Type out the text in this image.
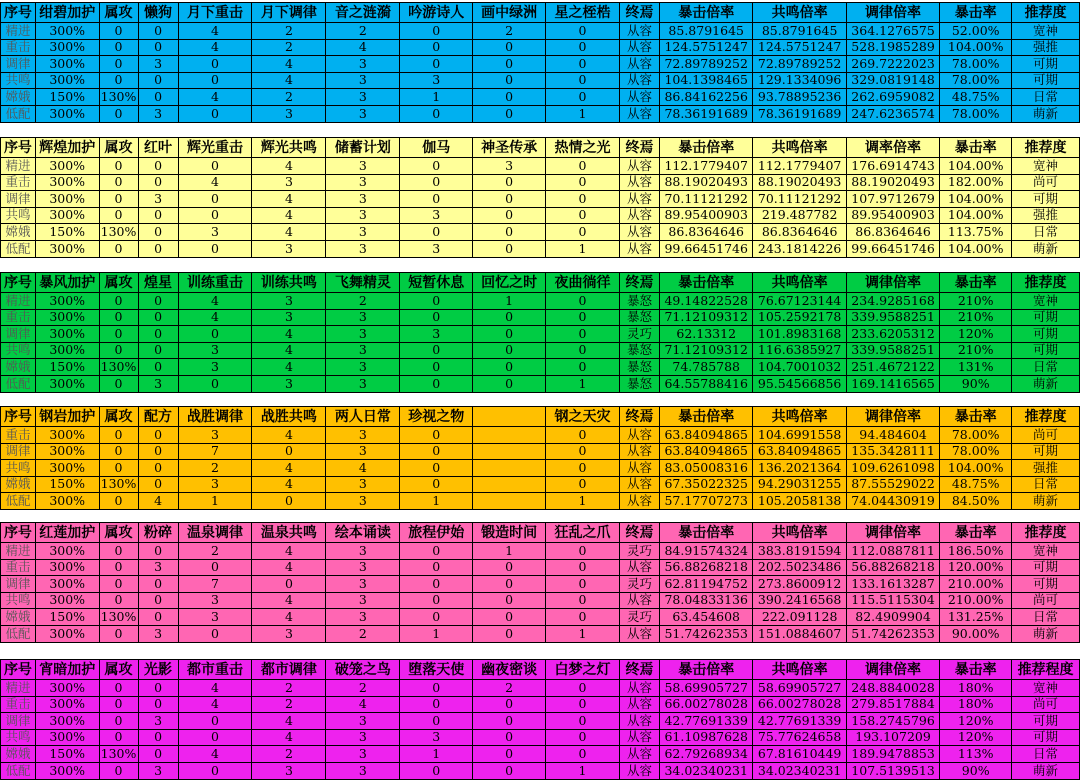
序号	绀碧加护	属攻	懒狗	月下重击	月下调律	音之涟漪	吟游诗人	画中绿洲	星之桎梏	终焉	暴击倍率	共鸣倍率	调律倍率	暴击率	推荐度
精进	300%	0	0	4	2	2	0	2	0	从容	85.8791645	85.8791645	364.1276575	52.00%	宽神
重击	300%	0	0	4	2	4	0	0	0	从容	124.5751247	124.5751247	528.1985289	104.00%	强推
调律	300%	0	3	0	4	3	0	0	0	从容	72.89789252	72.89789252	269.7222023	78.00%	可期
共鸣	300%	0	0	0	4	3	3	0	0	从容	104.1398465	129.1334096	329.0819148	78.00%	可期
嫦娥	150%	130%	0	4	2	3	1	0	0	从容	86.84162256	93.78895236	262.6959082	48.75%	日常
低配	300%	0	3	0	3	3	0	0	1	从容	78.36191689	78.36191689	247.6236574	78.00%	萌新
序号	辉煌加护	属攻	红叶	辉光重击	辉光共鸣	储蓄计划	伽马	神圣传承	热情之光	终焉	暴击倍率	共鸣倍率	调率倍率	暴击率	推荐度
精进	300%	0	0	0	4	3	0	3	0	从容	112.1779407	112.1779407	176.6914743	104.00%	宽神
重击	300%	0	0	4	3	3	0	0	0	从容	88.19020493	88.19020493	88.19020493	182.00%	尚可
调律	300%	0	3	0	4	3	0	0	0	从容	70.11121292	70.11121292	107.9712679	104.00%	可期
共鸣	300%	0	0	0	4	3	3	0	0	从容	89.95400903	219.487782	89.95400903	104.00%	强推
嫦娥	150%	130%	0	3	4	3	0	0	0	从容	86.8364646	86.8364646	86.8364646	113.75%	日常
低配	300%	0	0	0	3	3	3	0	1	从容	99.66451746	243.1814226	99.66451746	104.00%	萌新
序号	暴风加护	属攻	煌星	训练重击	训练共鸣	飞舞精灵	短暂休息	回忆之时	夜曲徜徉	终焉	暴击倍率	共鸣倍率	调律倍率	暴击率	推荐度
精进	300%	0	0	4	3	2	0	1	0	暴怒	49.14822528	76.67123144	234.9285168	210%	宽神
重击	300%	0	0	4	3	3	0	0	0	暴怒	71.12109312	105.2592178	339.9588251	210%	可期
调律	300%	0	0	0	4	3	3	0	0	灵巧	62.13312	101.8983168	233.6205312	120%	可期
共鸣	300%	0	0	3	4	3	0	0	0	暴怒	71.12109312	116.6385927	339.9588251	210%	可期
嫦娥	150%	130%	0	3	4	3	0	0	0	暴怒	74.785788	104.7001032	251.4672122	131%	日常
低配	300%	0	3	0	3	3	0	0	1	暴怒	64.55788416	95.54566856	169.1416565	90%	萌新
序号	钢岩加护	属攻	配方	战胜调律	战胜共鸣	两人日常	珍视之物		钢之天灾	终焉	暴击倍率	共鸣倍率	调律倍率	暴击率	推荐度
重击	300%	0	0	3	4	3	0		0	从容	63.84094865	104.6991558	94.484604	78.00%	尚可
调律	300%	0	0	7	0	3	0		0	从容	63.84094865	63.84094865	135.3428111	78.00%	可期
共鸣	300%	0	0	2	4	4	0		0	从容	83.05008316	136.2021364	109.6261098	104.00%	强推
嫦娥	150%	130%	0	3	4	3	0		0	从容	67.35022325	94.29031255	87.55529022	48.75%	日常
低配	300%	0	4	1	0	3	1		1	从容	57.17707273	105.2058138	74.04430919	84.50%	萌新
序号	红莲加护	属攻	粉碎	温泉调律	温泉共鸣	绘本诵读	旅程伊始	锻造时间	狂乱之爪	终焉	暴击倍率	共鸣倍率	调律倍率	暴击率	推荐度
精进	300%	0	0	2	4	3	0	1	0	灵巧	84.91574324	383.8191594	112.0887811	186.50%	宽神
重击	300%	0	3	0	4	3	0	0	0	从容	56.88268218	202.5023486	56.88268218	120.00%	可期
调律	300%	0	0	7	0	3	0	0	0	灵巧	62.81194752	273.8600912	133.1613287	210.00%	可期
共鸣	300%	0	0	3	4	3	0	0	0	从容	78.04833136	390.2416568	115.5115304	210.00%	尚可
嫦娥	150%	130%	0	3	4	3	0	0	0	灵巧	63.454608	222.091128	82.4909904	131.25%	日常
低配	300%	0	3	0	3	2	1	0	1	从容	51.74262353	151.0884607	51.74262353	90.00%	萌新
序号	宵暗加护	属攻	光影	都市重击	都市调律	破笼之鸟	堕落天使	幽夜密谈	白梦之灯	终焉	暴击倍率	共鸣倍率	调律倍率	暴击率	推荐程度
精进	300%	0	0	4	2	2	0	2	0	从容	58.69905727	58.69905727	248.8840028	180%	宽神
重击	300%	0	0	4	2	4	0	0	0	从容	66.00278028	66.00278028	279.8517884	180%	尚可
调律	300%	0	3	0	4	3	0	0	0	从容	42.77691339	42.77691339	158.2745796	120%	可期
共鸣	300%	0	0	0	4	3	3	0	0	从容	61.10987628	75.77624658	193.107209	120%	可期
嫦娥	150%	130%	0	4	2	3	1	0	0	从容	62.79268934	67.81610449	189.9478853	113%	日常
低配	300%	0	3	0	3	3	0	0	1	从容	34.02340231	34.02340231	107.5139513	90%	萌新
